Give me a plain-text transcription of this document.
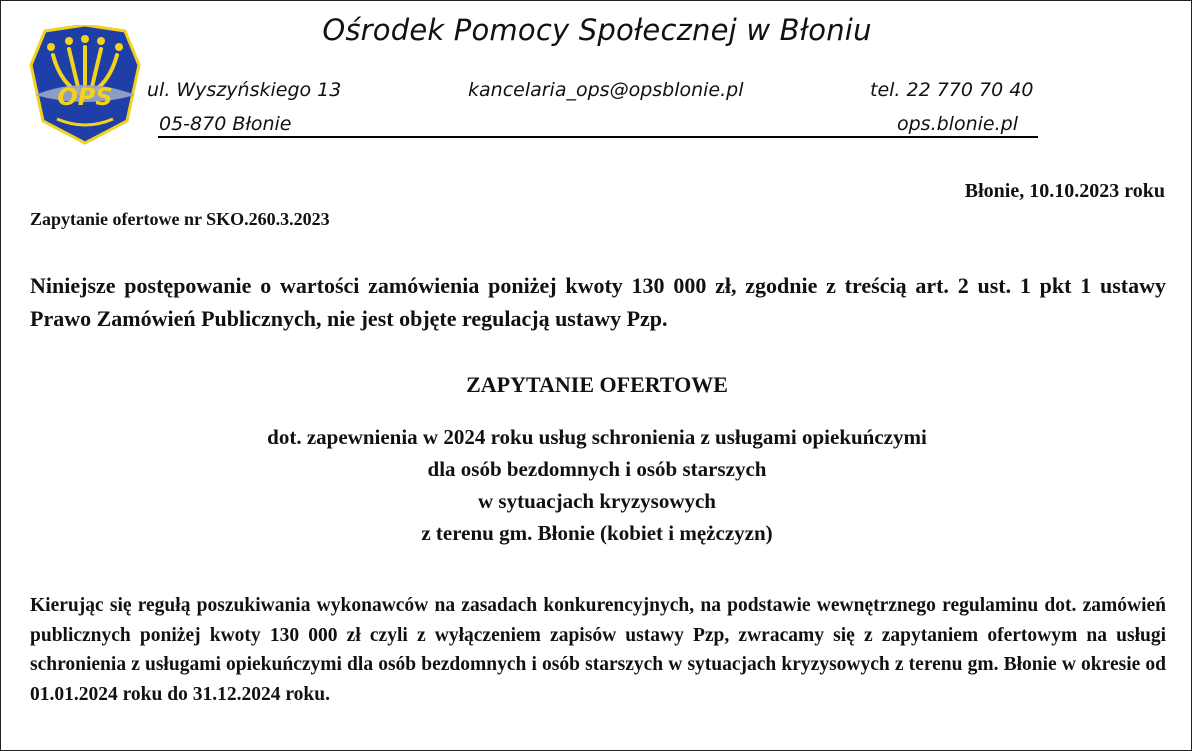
OPS
Ośrodek Pomocy Społecznej w Błoniu
ul. Wyszyńskiego 13	kancelaria_ops@opsblonie.pl	tel. 22 770 70 40
05-870 Błonie	ops.blonie.pl
Błonie, 10.10.2023 roku
Zapytanie ofertowe nr SKO.260.3.2023
Niniejsze postępowanie o wartości zamówienia poniżej kwoty 130 000 zł, zgodnie z treścią art. 2 ust. 1 pkt 1 ustawy Prawo Zamówień Publicznych, nie jest objęte regulacją ustawy Pzp.
ZAPYTANIE OFERTOWE
dot. zapewnienia w 2024 roku usług schronienia z usługami opiekuńczymi
dla osób bezdomnych i osób starszych
w sytuacjach kryzysowych
z terenu gm. Błonie (kobiet i mężczyzn)
Kierując się regułą poszukiwania wykonawców na zasadach konkurencyjnych, na podstawie wewnętrznego regulaminu dot. zamówień publicznych poniżej kwoty 130 000 zł czyli z wyłączeniem zapisów ustawy Pzp, zwracamy się z zapytaniem ofertowym na usługi schronienia z usługami opiekuńczymi dla osób bezdomnych i osób starszych w sytuacjach kryzysowych z terenu gm. Błonie w okresie od 01.01.2024 roku do 31.12.2024 roku.
